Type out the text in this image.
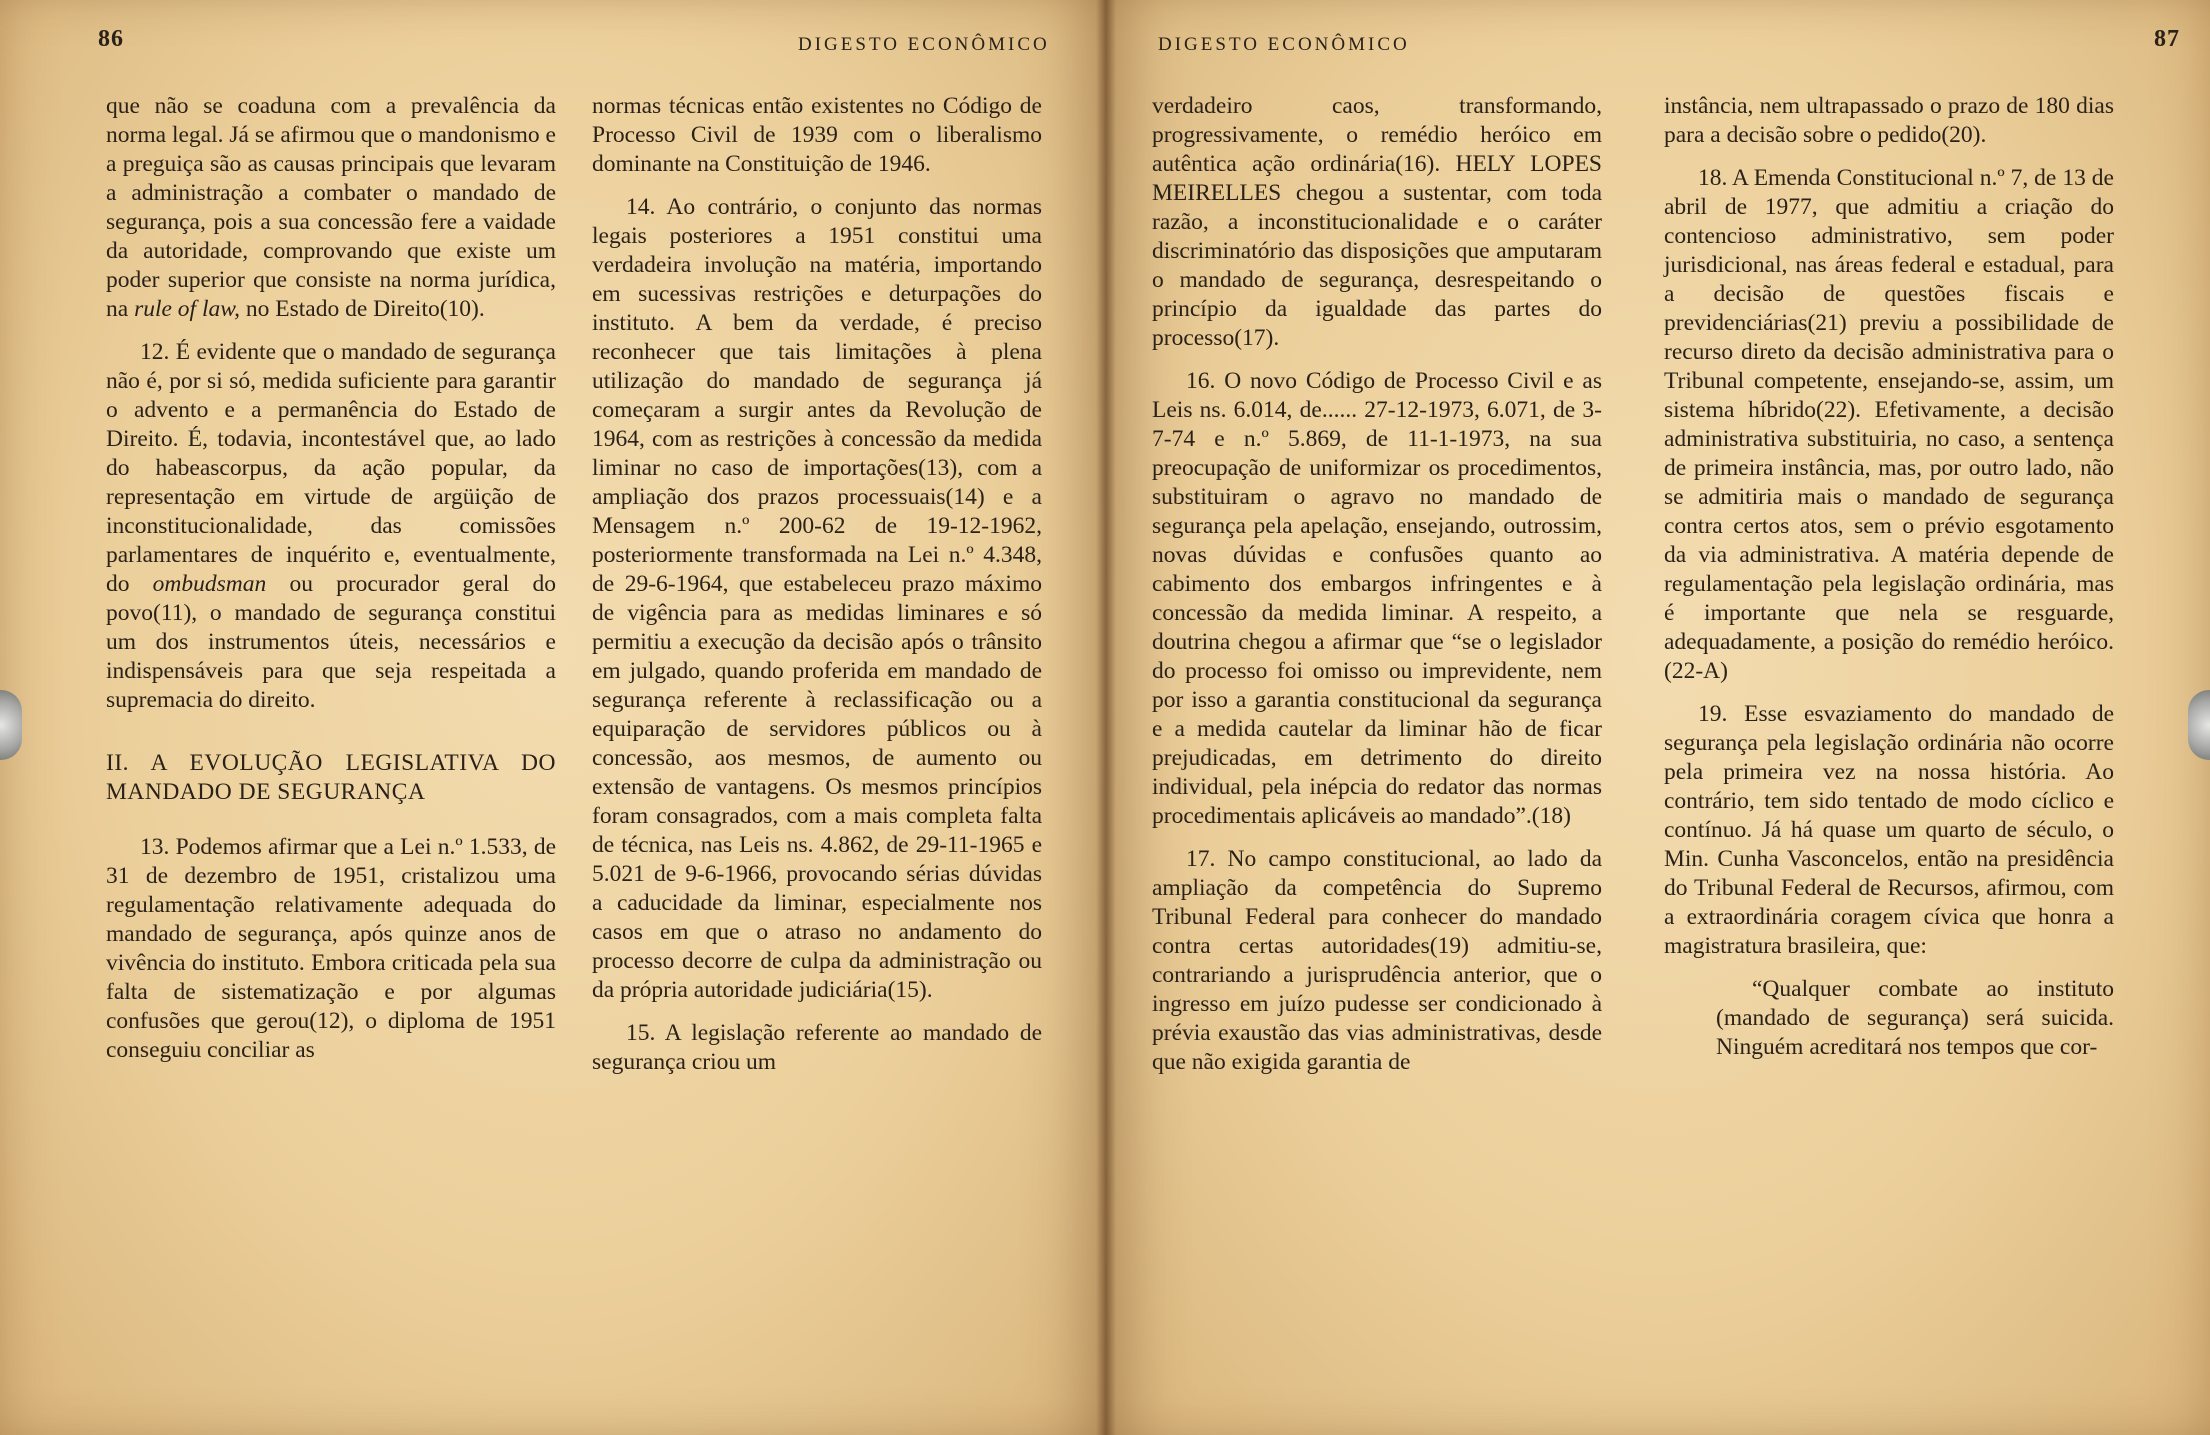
86	DIGESTO ECONÔMICO

que não se coaduna com a prevalência da norma legal. Já se afirmou que o mandonismo e a preguiça são as causas principais que levaram a administração a combater o mandado de segurança, pois a sua concessão fere a vaidade da autoridade, comprovando que existe um poder superior que consiste na norma jurídica, na rule of law, no Estado de Direito(10).

12. É evidente que o mandado de segurança não é, por si só, medida suficiente para garantir o advento e a permanência do Estado de Direito. É, todavia, incontestável que, ao lado do habeascorpus, da ação popular, da representação em virtude de argüição de inconstitucionalidade, das comissões parlamentares de inquérito e, eventualmente, do ombudsman ou procurador geral do povo(11), o mandado de segurança constitui um dos instrumentos úteis, necessários e indispensáveis para que seja respeitada a supremacia do direito.

II. A EVOLUÇÃO LEGISLATIVA DO MANDADO DE SEGURANÇA

13. Podemos afirmar que a Lei n.º 1.533, de 31 de dezembro de 1951, cristalizou uma regulamentação relativamente adequada do mandado de segurança, após quinze anos de vivência do instituto. Embora criticada pela sua falta de sistematização e por algumas confusões que gerou(12), o diploma de 1951 conseguiu conciliar as

normas técnicas então existentes no Código de Processo Civil de 1939 com o liberalismo dominante na Constituição de 1946.

14. Ao contrário, o conjunto das normas legais posteriores a 1951 constitui uma verdadeira involução na matéria, importando em sucessivas restrições e deturpações do instituto. A bem da verdade, é preciso reconhecer que tais limitações à plena utilização do mandado de segurança já começaram a surgir antes da Revolução de 1964, com as restrições à concessão da medida liminar no caso de importações(13), com a ampliação dos prazos processuais(14) e a Mensagem n.º 200-62 de 19-12-1962, posteriormente transformada na Lei n.º 4.348, de 29-6-1964, que estabeleceu prazo máximo de vigência para as medidas liminares e só permitiu a execução da decisão após o trânsito em julgado, quando proferida em mandado de segurança referente à reclassificação ou a equiparação de servidores públicos ou à concessão, aos mesmos, de aumento ou extensão de vantagens. Os mesmos princípios foram consagrados, com a mais completa falta de técnica, nas Leis ns. 4.862, de 29-11-1965 e 5.021 de 9-6-1966, provocando sérias dúvidas a caducidade da liminar, especialmente nos casos em que o atraso no andamento do processo decorre de culpa da administração ou da própria autoridade judiciária(15).

15. A legislação referente ao mandado de segurança criou um

DIGESTO ECONÔMICO	87

verdadeiro caos, transformando, progressivamente, o remédio heróico em autêntica ação ordinária(16). HELY LOPES MEIRELLES chegou a sustentar, com toda razão, a inconstitucionalidade e o caráter discriminatório das disposições que amputaram o mandado de segurança, desrespeitando o princípio da igualdade das partes do processo(17).

16. O novo Código de Processo Civil e as Leis ns. 6.014, de...... 27-12-1973, 6.071, de 3-7-74 e n.º 5.869, de 11-1-1973, na sua preocupação de uniformizar os procedimentos, substituiram o agravo no mandado de segurança pela apelação, ensejando, outrossim, novas dúvidas e confusões quanto ao cabimento dos embargos infringentes e à concessão da medida liminar. A respeito, a doutrina chegou a afirmar que “se o legislador do processo foi omisso ou imprevidente, nem por isso a garantia constitucional da segurança e a medida cautelar da liminar hão de ficar prejudicadas, em detrimento do direito individual, pela inépcia do redator das normas procedimentais aplicáveis ao mandado”.(18)

17. No campo constitucional, ao lado da ampliação da competência do Supremo Tribunal Federal para conhecer do mandado contra certas autoridades(19) admitiu-se, contrariando a jurisprudência anterior, que o ingresso em juízo pudesse ser condicionado à prévia exaustão das vias administrativas, desde que não exigida garantia de

instância, nem ultrapassado o prazo de 180 dias para a decisão sobre o pedido(20).

18. A Emenda Constitucional n.º 7, de 13 de abril de 1977, que admitiu a criação do contencioso administrativo, sem poder jurisdicional, nas áreas federal e estadual, para a decisão de questões fiscais e previdenciárias(21) previu a possibilidade de recurso direto da decisão administrativa para o Tribunal competente, ensejando-se, assim, um sistema híbrido(22). Efetivamente, a decisão administrativa substituiria, no caso, a sentença de primeira instância, mas, por outro lado, não se admitiria mais o mandado de segurança contra certos atos, sem o prévio esgotamento da via administrativa. A matéria depende de regulamentação pela legislação ordinária, mas é importante que nela se resguarde, adequadamente, a posição do remédio heróico.(22-A)

19. Esse esvaziamento do mandado de segurança pela legislação ordinária não ocorre pela primeira vez na nossa história. Ao contrário, tem sido tentado de modo cíclico e contínuo. Já há quase um quarto de século, o Min. Cunha Vasconcelos, então na presidência do Tribunal Federal de Recursos, afirmou, com a extraordinária coragem cívica que honra a magistratura brasileira, que:

“Qualquer combate ao instituto (mandado de segurança) será suicida. Ninguém acreditará nos tempos que cor-
